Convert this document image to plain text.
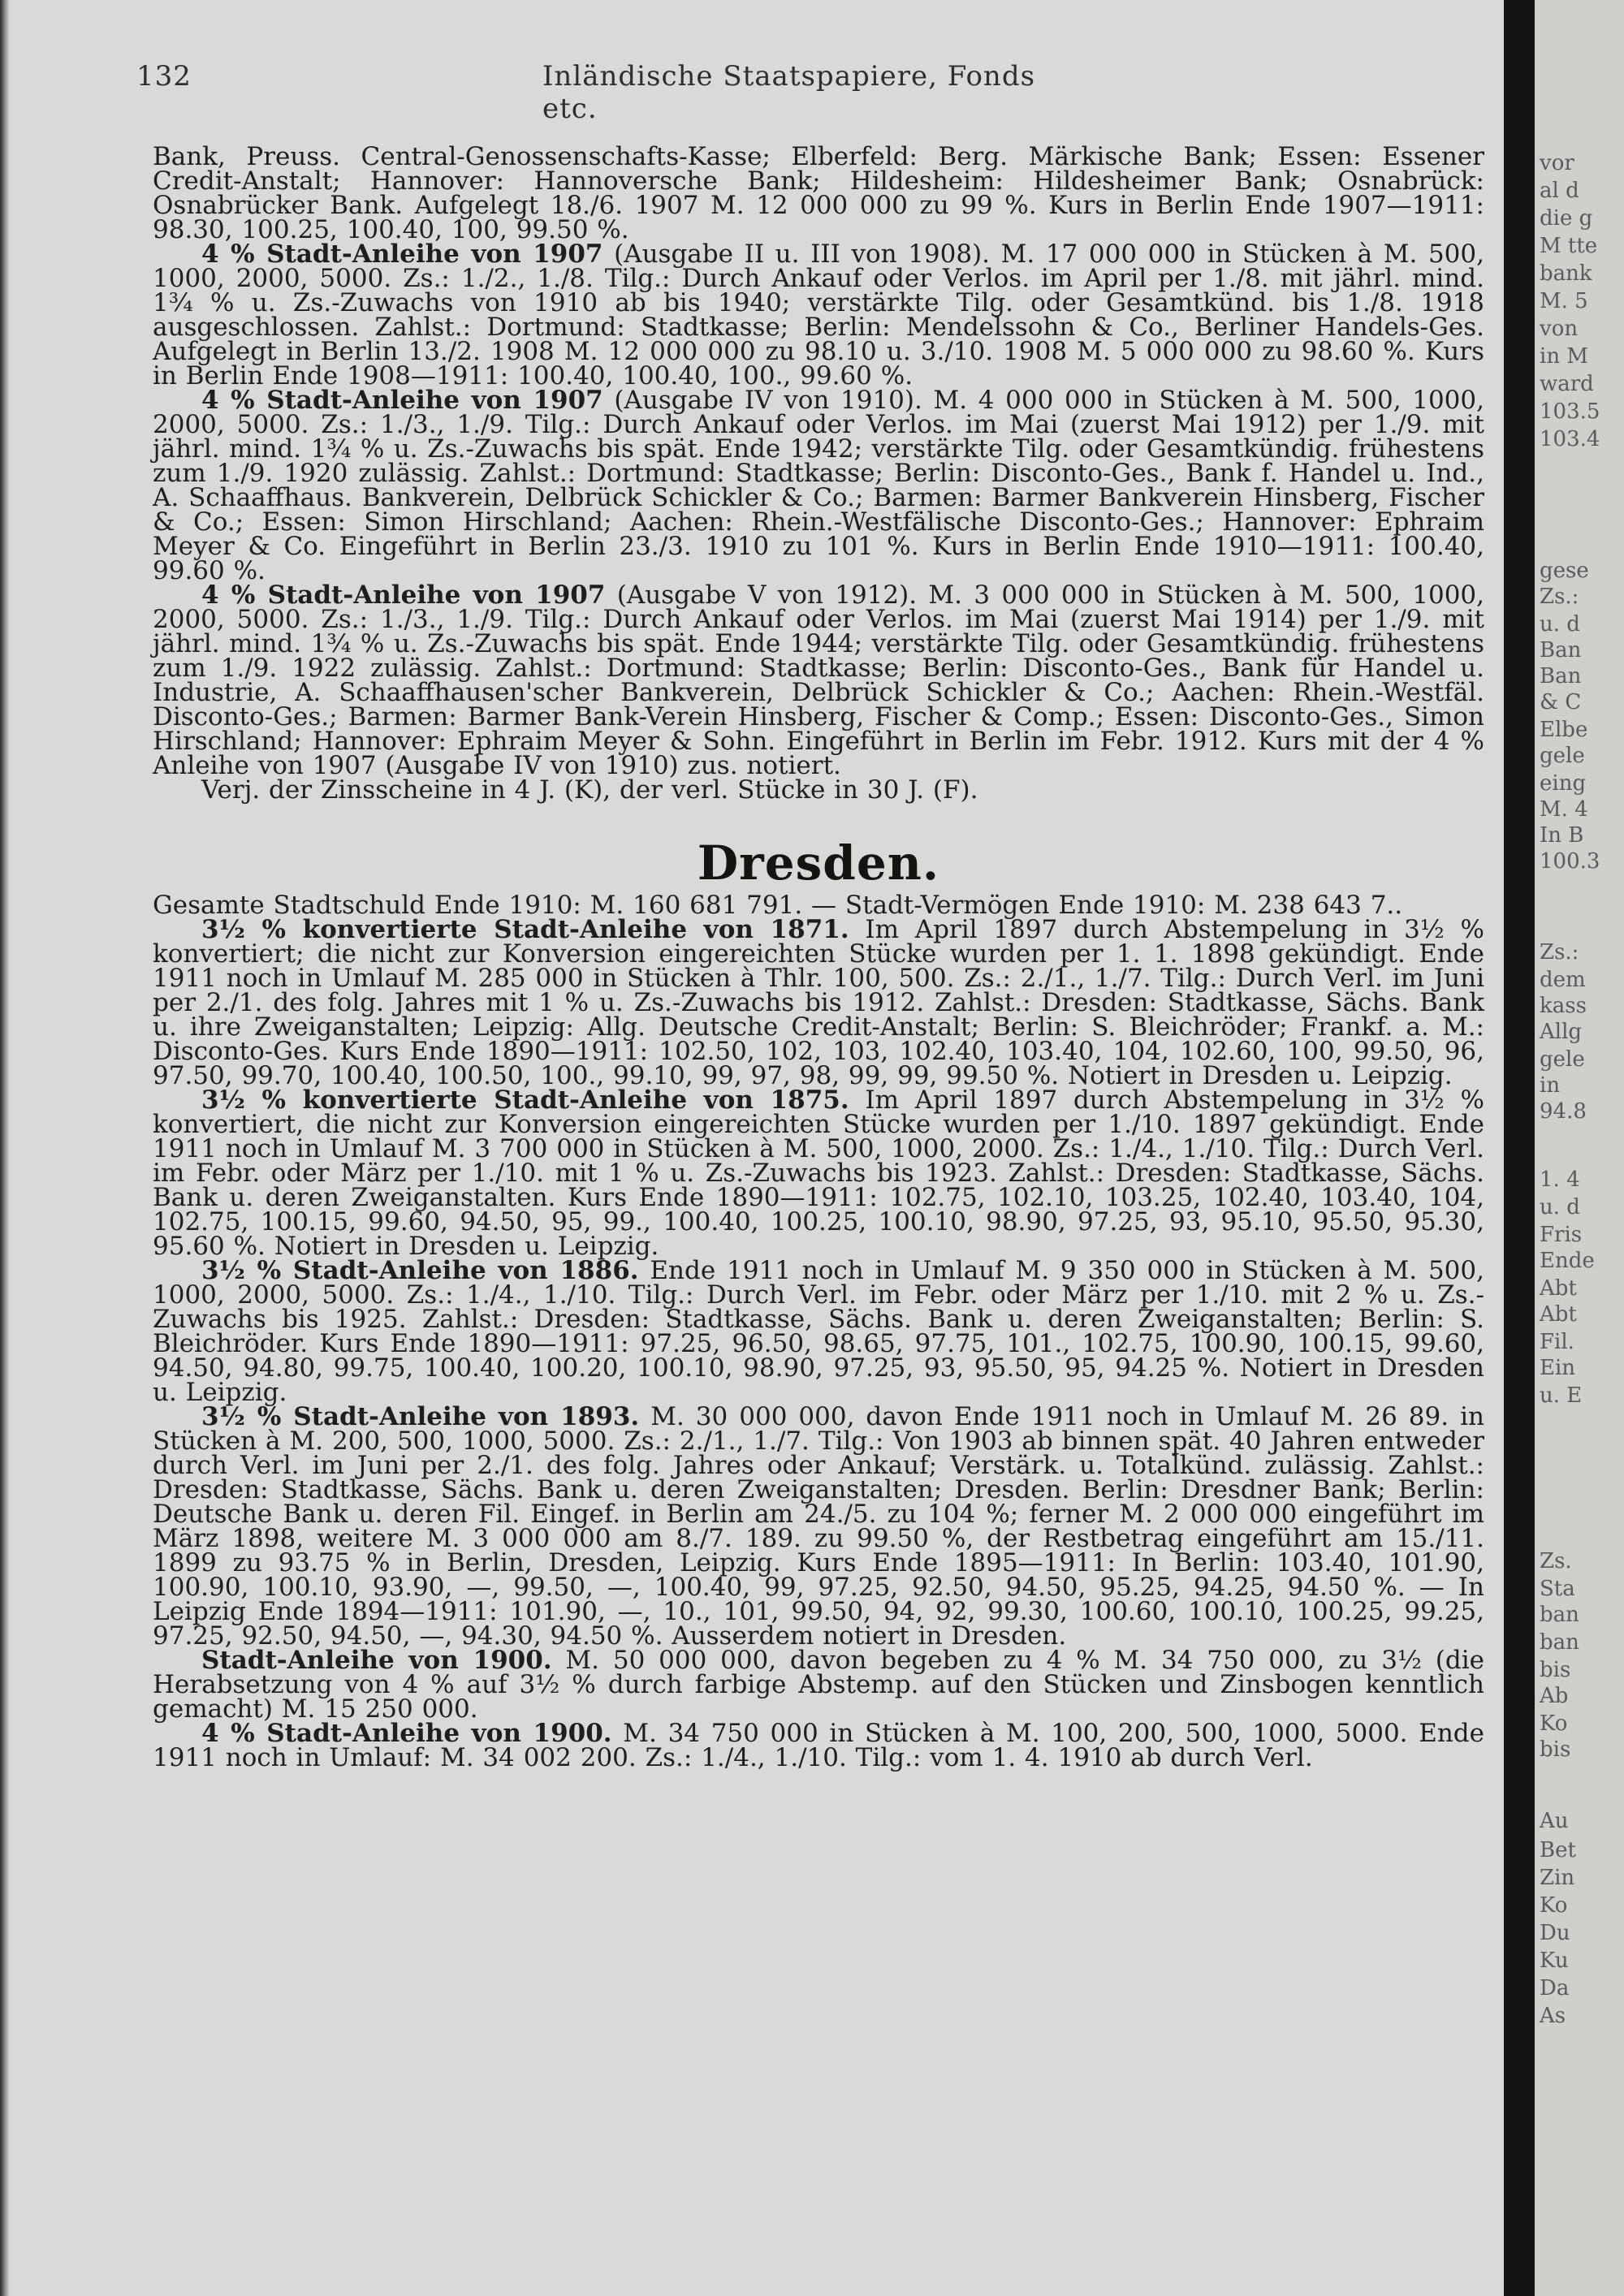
132	Inländische Staatspapiere, Fonds etc.

Bank, Preuss. Central-Genossenschafts-Kasse; Elberfeld: Berg. Märkische Bank; Essen: Essener Credit-Anstalt; Hannover: Hannoversche Bank; Hildesheim: Hildesheimer Bank; Osnabrück: Osnabrücker Bank. Aufgelegt 18./6. 1907 M. 12 000 000 zu 99 %. Kurs in Berlin Ende 1907—1911: 98.30, 100.25, 100.40, 100, 99.50 %.

4 % Stadt-Anleihe von 1907 (Ausgabe II u. III von 1908). M. 17 000 000 in Stücken à M. 500, 1000, 2000, 5000. Zs.: 1./2., 1./8. Tilg.: Durch Ankauf oder Verlos. im April per 1./8. mit jährl. mind. 1¾ % u. Zs.-Zuwachs von 1910 ab bis 1940; verstärkte Tilg. oder Gesamtkünd. bis 1./8. 1918 ausgeschlossen. Zahlst.: Dortmund: Stadtkasse; Berlin: Mendelssohn & Co., Berliner Handels-Ges. Aufgelegt in Berlin 13./2. 1908 M. 12 000 000 zu 98.10 u. 3./10. 1908 M. 5 000 000 zu 98.60 %. Kurs in Berlin Ende 1908—1911: 100.40, 100.40, 100., 99.60 %.

4 % Stadt-Anleihe von 1907 (Ausgabe IV von 1910). M. 4 000 000 in Stücken à M. 500, 1000, 2000, 5000. Zs.: 1./3., 1./9. Tilg.: Durch Ankauf oder Verlos. im Mai (zuerst Mai 1912) per 1./9. mit jährl. mind. 1¾ % u. Zs.-Zuwachs bis spät. Ende 1942; verstärkte Tilg. oder Gesamtkündig. frühestens zum 1./9. 1920 zulässig. Zahlst.: Dortmund: Stadtkasse; Berlin: Disconto-Ges., Bank f. Handel u. Ind., A. Schaaffhaus. Bankverein, Delbrück Schickler & Co.; Barmen: Barmer Bankverein Hinsberg, Fischer & Co.; Essen: Simon Hirschland; Aachen: Rhein.-Westfälische Disconto-Ges.; Hannover: Ephraim Meyer & Co. Eingeführt in Berlin 23./3. 1910 zu 101 %. Kurs in Berlin Ende 1910—1911: 100.40, 99.60 %.

4 % Stadt-Anleihe von 1907 (Ausgabe V von 1912). M. 3 000 000 in Stücken à M. 500, 1000, 2000, 5000. Zs.: 1./3., 1./9. Tilg.: Durch Ankauf oder Verlos. im Mai (zuerst Mai 1914) per 1./9. mit jährl. mind. 1¾ % u. Zs.-Zuwachs bis spät. Ende 1944; verstärkte Tilg. oder Gesamtkündig. frühestens zum 1./9. 1922 zulässig. Zahlst.: Dortmund: Stadtkasse; Berlin: Disconto-Ges., Bank für Handel u. Industrie, A. Schaaffhausen'scher Bankverein, Delbrück Schickler & Co.; Aachen: Rhein.-Westfäl. Disconto-Ges.; Barmen: Barmer Bank-Verein Hinsberg, Fischer & Comp.; Essen: Disconto-Ges., Simon Hirschland; Hannover: Ephraim Meyer & Sohn. Eingeführt in Berlin im Febr. 1912. Kurs mit der 4 % Anleihe von 1907 (Ausgabe IV von 1910) zus. notiert.

Verj. der Zinsscheine in 4 J. (K), der verl. Stücke in 30 J. (F).

Dresden.

Gesamte Stadtschuld Ende 1910: M. 160 681 791. — Stadt-Vermögen Ende 1910: M. 238 643 7..

3½ % konvertierte Stadt-Anleihe von 1871. Im April 1897 durch Abstempelung in 3½ % konvertiert; die nicht zur Konversion eingereichten Stücke wurden per 1. 1. 1898 gekündigt. Ende 1911 noch in Umlauf M. 285 000 in Stücken à Thlr. 100, 500. Zs.: 2./1., 1./7. Tilg.: Durch Verl. im Juni per 2./1. des folg. Jahres mit 1 % u. Zs.-Zuwachs bis 1912. Zahlst.: Dresden: Stadtkasse, Sächs. Bank u. ihre Zweiganstalten; Leipzig: Allg. Deutsche Credit-Anstalt; Berlin: S. Bleichröder; Frankf. a. M.: Disconto-Ges. Kurs Ende 1890—1911: 102.50, 102, 103, 102.40, 103.40, 104, 102.60, 100, 99.50, 96, 97.50, 99.70, 100.40, 100.50, 100., 99.10, 99, 97, 98, 99, 99, 99.50 %. Notiert in Dresden u. Leipzig.

3½ % konvertierte Stadt-Anleihe von 1875. Im April 1897 durch Abstempelung in 3½ % konvertiert, die nicht zur Konversion eingereichten Stücke wurden per 1./10. 1897 gekündigt. Ende 1911 noch in Umlauf M. 3 700 000 in Stücken à M. 500, 1000, 2000. Zs.: 1./4., 1./10. Tilg.: Durch Verl. im Febr. oder März per 1./10. mit 1 % u. Zs.-Zuwachs bis 1923. Zahlst.: Dresden: Stadtkasse, Sächs. Bank u. deren Zweiganstalten. Kurs Ende 1890—1911: 102.75, 102.10, 103.25, 102.40, 103.40, 104, 102.75, 100.15, 99.60, 94.50, 95, 99., 100.40, 100.25, 100.10, 98.90, 97.25, 93, 95.10, 95.50, 95.30, 95.60 %. Notiert in Dresden u. Leipzig.

3½ % Stadt-Anleihe von 1886. Ende 1911 noch in Umlauf M. 9 350 000 in Stücken à M. 500, 1000, 2000, 5000. Zs.: 1./4., 1./10. Tilg.: Durch Verl. im Febr. oder März per 1./10. mit 2 % u. Zs.-Zuwachs bis 1925. Zahlst.: Dresden: Stadtkasse, Sächs. Bank u. deren Zweiganstalten; Berlin: S. Bleichröder. Kurs Ende 1890—1911: 97.25, 96.50, 98.65, 97.75, 101., 102.75, 100.90, 100.15, 99.60, 94.50, 94.80, 99.75, 100.40, 100.20, 100.10, 98.90, 97.25, 93, 95.50, 95, 94.25 %. Notiert in Dresden u. Leipzig.

3½ % Stadt-Anleihe von 1893. M. 30 000 000, davon Ende 1911 noch in Umlauf M. 26 89. in Stücken à M. 200, 500, 1000, 5000. Zs.: 2./1., 1./7. Tilg.: Von 1903 ab binnen spät. 40 Jahren entweder durch Verl. im Juni per 2./1. des folg. Jahres oder Ankauf; Verstärk. u. Totalkünd. zulässig. Zahlst.: Dresden: Stadtkasse, Sächs. Bank u. deren Zweiganstalten; Dresden. Berlin: Dresdner Bank; Berlin: Deutsche Bank u. deren Fil. Eingef. in Berlin am 24./5. zu 104 %; ferner M. 2 000 000 eingeführt im März 1898, weitere M. 3 000 000 am 8./7. 189. zu 99.50 %, der Restbetrag eingeführt am 15./11. 1899 zu 93.75 % in Berlin, Dresden, Leipzig. Kurs Ende 1895—1911: In Berlin: 103.40, 101.90, 100.90, 100.10, 93.90, —, 99.50, —, 100.40, 99, 97.25, 92.50, 94.50, 95.25, 94.25, 94.50 %. — In Leipzig Ende 1894—1911: 101.90, —, 10., 101, 99.50, 94, 92, 99.30, 100.60, 100.10, 100.25, 99.25, 97.25, 92.50, 94.50, —, 94.30, 94.50 %. Ausserdem notiert in Dresden.

Stadt-Anleihe von 1900. M. 50 000 000, davon begeben zu 4 % M. 34 750 000, zu 3½ (die Herabsetzung von 4 % auf 3½ % durch farbige Abstemp. auf den Stücken und Zinsbogen kenntlich gemacht) M. 15 250 000.

4 % Stadt-Anleihe von 1900. M. 34 750 000 in Stücken à M. 100, 200, 500, 1000, 5000. Ende 1911 noch in Umlauf: M. 34 002 200. Zs.: 1./4., 1./10. Tilg.: vom 1. 4. 1910 ab durch Verl.

vor
al d
die g
M tte
bank
M. 5
von
in M
ward
103.5
103.4
gese
Zs.:
u. d
Ban
Ban
& C
Elbe
gele
eing
M. 4
In B
100.3
Zs.:
dem
kass
Allg
gele
in
94.8
1. 4
u. d
Fris
Ende
Abt
Abt
Fil.
Ein
u. E
Zs.
Sta
ban
ban
bis
Ab
Ko
bis
Au
Bet
Zin
Ko
Du
Ku
Da
As
